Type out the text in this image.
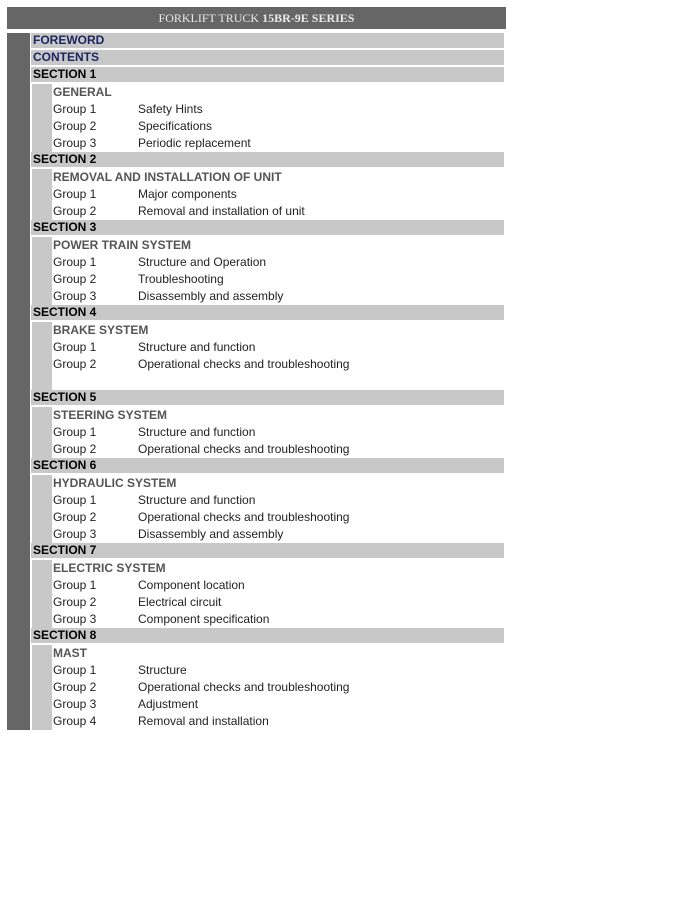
FORKLIFT TRUCK 15BR-9E SERIES
FOREWORD
CONTENTS
SECTION 1
GENERAL
Group 1	Safety Hints
Group 2	Specifications
Group 3	Periodic replacement
SECTION 2
REMOVAL AND INSTALLATION OF UNIT
Group 1	Major components
Group 2	Removal and installation of unit
SECTION 3
POWER TRAIN SYSTEM
Group 1	Structure and Operation
Group 2	Troubleshooting
Group 3	Disassembly and assembly
SECTION 4
BRAKE SYSTEM
Group 1	Structure and function
Group 2	Operational checks and troubleshooting
SECTION 5
STEERING SYSTEM
Group 1	Structure and function
Group 2	Operational checks and troubleshooting
SECTION 6
HYDRAULIC SYSTEM
Group 1	Structure and function
Group 2	Operational checks and troubleshooting
Group 3	Disassembly and assembly
SECTION 7
ELECTRIC SYSTEM
Group 1	Component location
Group 2	Electrical circuit
Group 3	Component specification
SECTION 8
MAST
Group 1	Structure
Group 2	Operational checks and troubleshooting
Group 3	Adjustment
Group 4	Removal and installation
